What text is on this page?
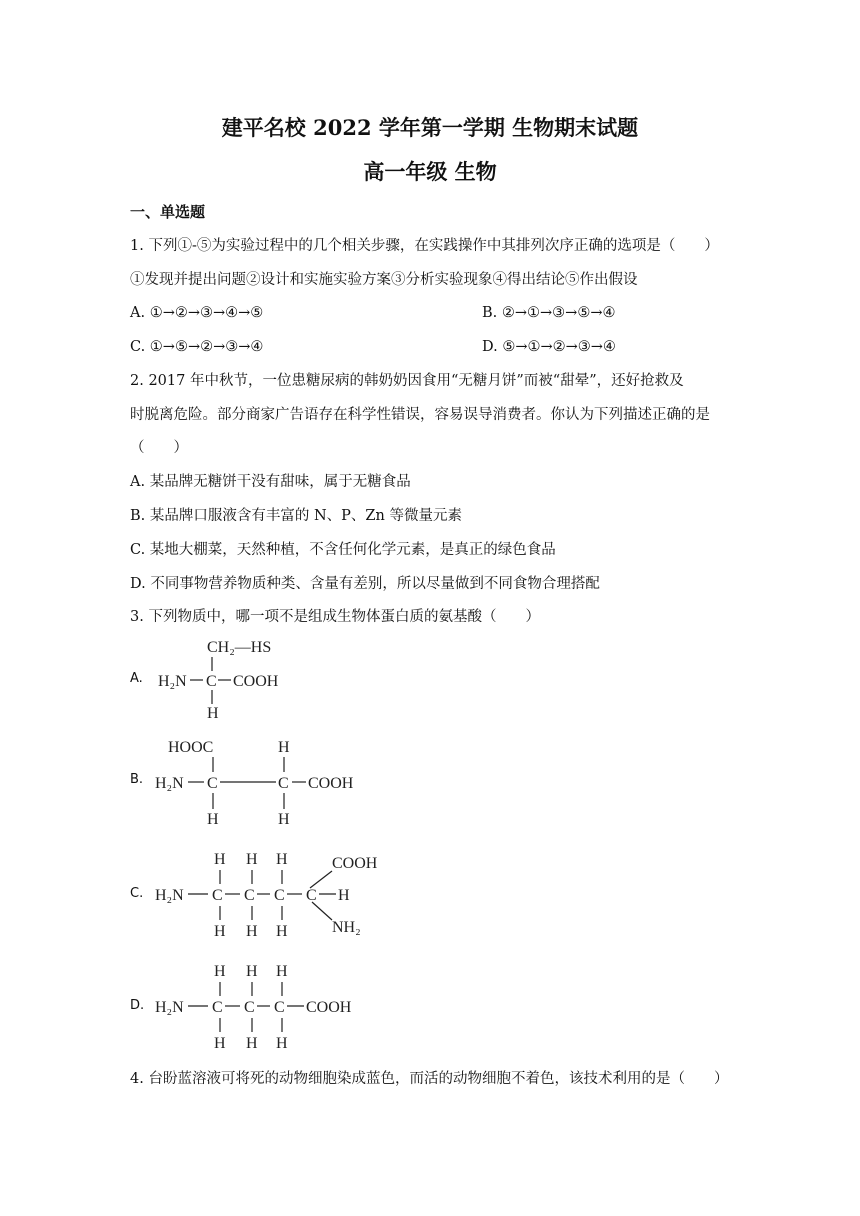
建平名校 2022 学年第一学期 生物期末试题
高一年级 生物
一、单选题
1. 下列①-⑤为实验过程中的几个相关步骤，在实践操作中其排列次序正确的选项是（　　）
①发现并提出问题②设计和实施实验方案③分析实验现象④得出结论⑤作出假设
A. ①→②→③→④→⑤	B. ②→①→③→⑤→④
C. ①→⑤→②→③→④	D. ⑤→①→②→③→④
2. 2017 年中秋节，一位患糖尿病的韩奶奶因食用“无糖月饼”而被“甜晕”，还好抢救及
时脱离危险。部分商家广告语存在科学性错误，容易误导消费者。你认为下列描述正确的是
（　　）
A. 某品牌无糖饼干没有甜味，属于无糖食品
B. 某品牌口服液含有丰富的 N、P、Zn 等微量元素
C. 某地大棚菜，天然种植，不含任何化学元素，是真正的绿色食品
D. 不同事物营养物质种类、含量有差别，所以尽量做到不同食物合理搭配
3. 下列物质中，哪一项不是组成生物体蛋白质的氨基酸（　　）
A.
CH₂—HS
H₂N C COOH
H
B.
HOOC	H
H₂N C	C COOH
H	H
C.
H H H	COOH
H₂N C C C C H
H H H	NH₂
D.
H H H
H₂N C C C COOH
H H H
4. 台盼蓝溶液可将死的动物细胞染成蓝色，而活的动物细胞不着色，该技术利用的是（　　）
